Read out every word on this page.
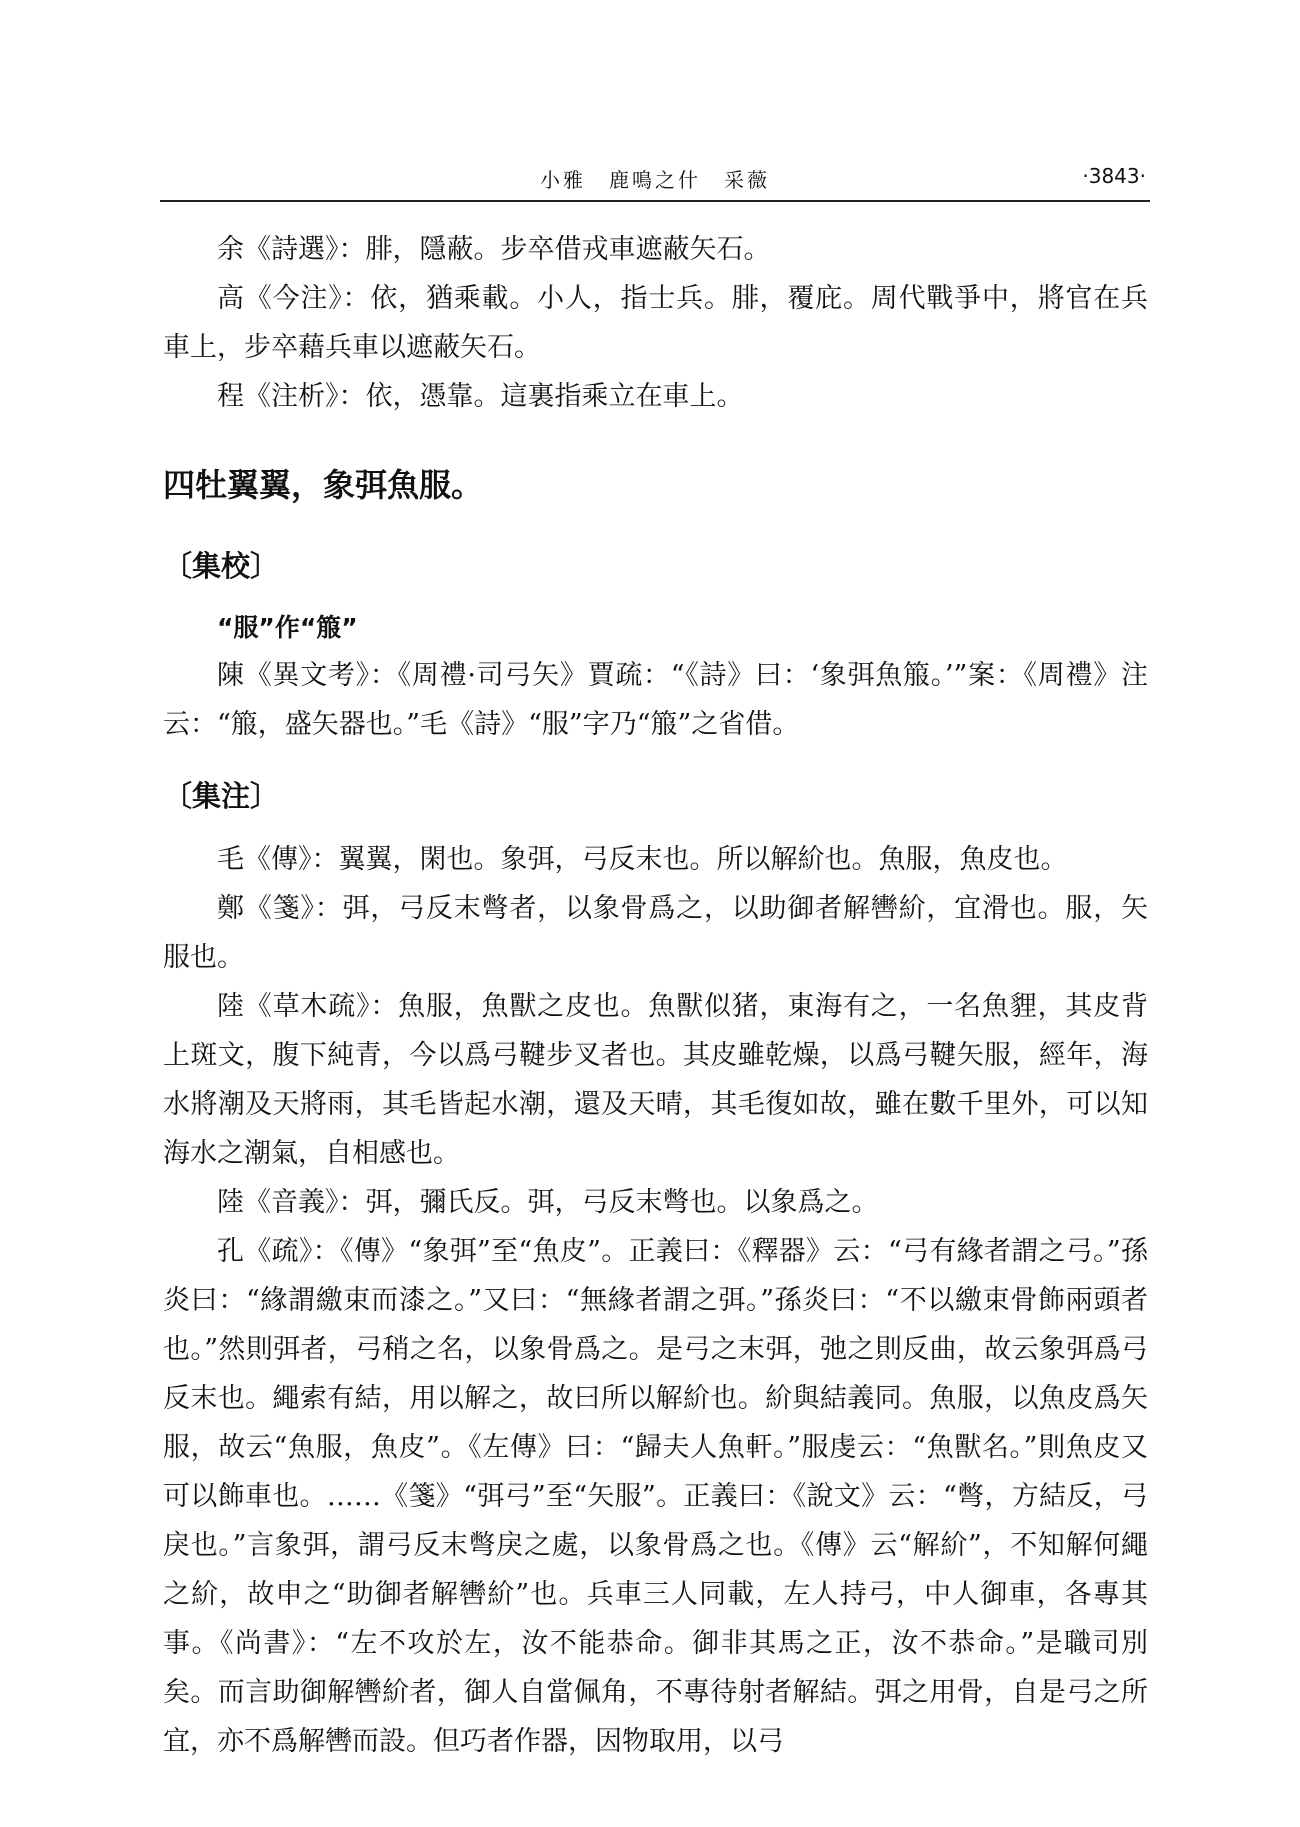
小雅　鹿鳴之什　采薇	·3843·

余《詩選》：腓，隱蔽。步卒借戎車遮蔽矢石。

高《今注》：依，猶乘載。小人，指士兵。腓，覆庇。周代戰爭中，將官在兵車上，步卒藉兵車以遮蔽矢石。

程《注析》：依，憑靠。這裏指乘立在車上。

四牡翼翼，象弭魚服。
〔集校〕

“服”作“箙”

陳《異文考》：《周禮·司弓矢》賈疏：“《詩》曰：‘象弭魚箙。’”案：《周禮》注云：“箙，盛矢器也。”毛《詩》“服”字乃“箙”之省借。

〔集注〕

毛《傳》：翼翼，閑也。象弭，弓反末也。所以解紒也。魚服，魚皮也。

鄭《箋》：弭，弓反末彆者，以象骨爲之，以助御者解轡紒，宜滑也。服，矢服也。

陸《草木疏》：魚服，魚獸之皮也。魚獸似猪，東海有之，一名魚貍，其皮背上斑文，腹下純青，今以爲弓鞬步叉者也。其皮雖乾燥，以爲弓鞬矢服，經年，海水將潮及天將雨，其毛皆起水潮，還及天晴，其毛復如故，雖在數千里外，可以知海水之潮氣，自相感也。

陸《音義》：弭，彌氏反。弭，弓反末彆也。以象爲之。

孔《疏》：《傳》“象弭”至“魚皮”。正義曰：《釋器》云：“弓有緣者謂之弓。”孫炎曰：“緣謂繳束而漆之。”又曰：“無緣者謂之弭。”孫炎曰：“不以繳束骨飾兩頭者也。”然則弭者，弓稍之名，以象骨爲之。是弓之末弭，弛之則反曲，故云象弭爲弓反末也。繩索有結，用以解之，故曰所以解紒也。紒與結義同。魚服，以魚皮爲矢服，故云“魚服，魚皮”。《左傳》曰：“歸夫人魚軒。”服虔云：“魚獸名。”則魚皮又可以飾車也。……《箋》“弭弓”至“矢服”。正義曰：《說文》云：“彆，方結反，弓戾也。”言象弭，謂弓反末彆戾之處，以象骨爲之也。《傳》云“解紒”，不知解何繩之紒，故申之“助御者解轡紒”也。兵車三人同載，左人持弓，中人御車，各專其事。《尚書》：“左不攻於左，汝不能恭命。御非其馬之正，汝不恭命。”是職司別矣。而言助御解轡紒者，御人自當佩角，不專待射者解結。弭之用骨，自是弓之所宜，亦不爲解轡而設。但巧者作器，因物取用，以弓
